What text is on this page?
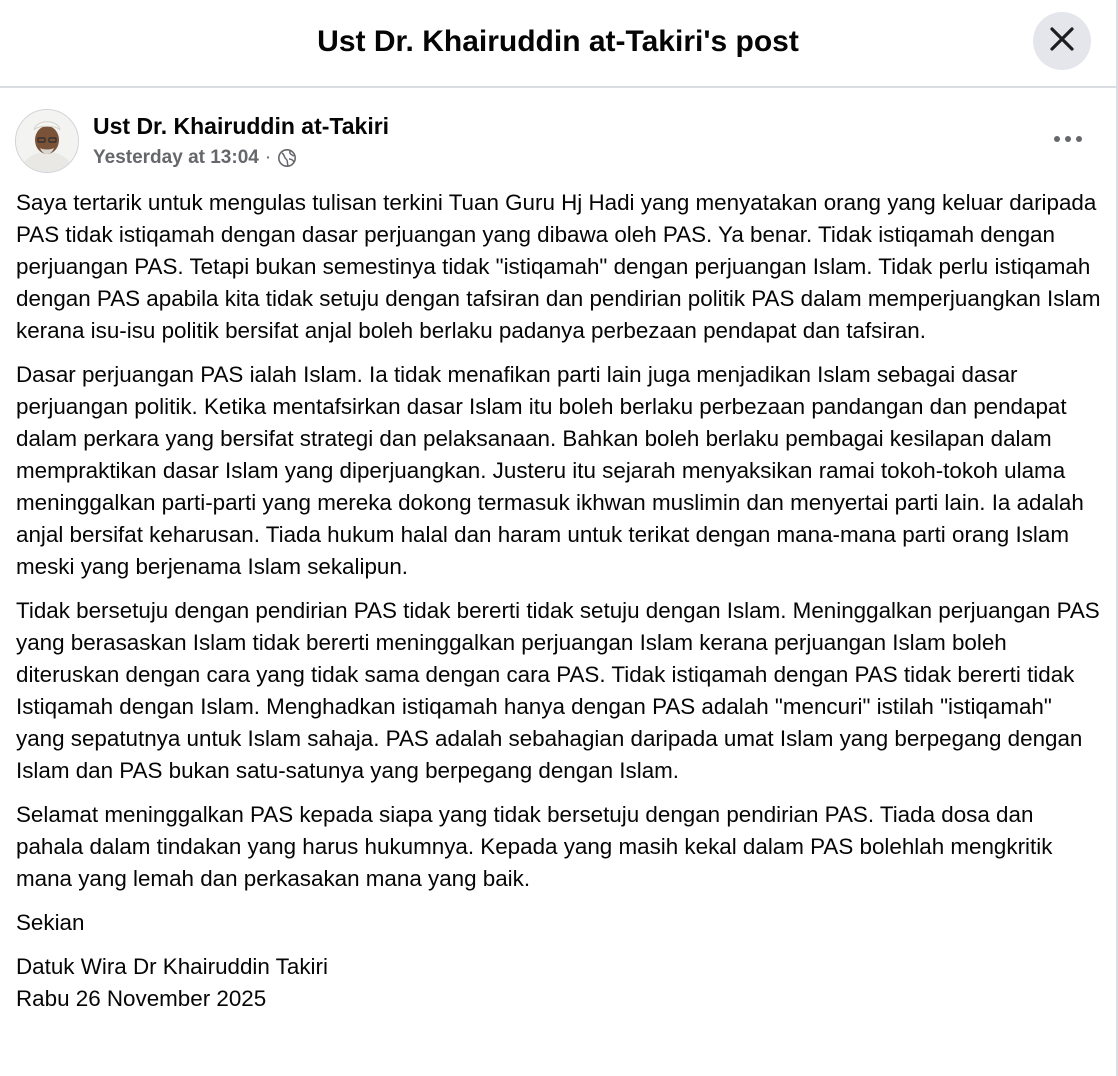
Ust Dr. Khairuddin at-Takiri's post
Ust Dr. Khairuddin at-Takiri
Yesterday at 13:04 ·

Saya tertarik untuk mengulas tulisan terkini Tuan Guru Hj Hadi yang menyatakan orang yang keluar daripada PAS tidak istiqamah dengan dasar perjuangan yang dibawa oleh PAS. Ya benar. Tidak istiqamah dengan perjuangan PAS. Tetapi bukan semestinya tidak "istiqamah" dengan perjuangan Islam. Tidak perlu istiqamah dengan PAS apabila kita tidak setuju dengan tafsiran dan pendirian politik PAS dalam memperjuangkan Islam kerana isu-isu politik bersifat anjal boleh berlaku padanya perbezaan pendapat dan tafsiran.

Dasar perjuangan PAS ialah Islam. Ia tidak menafikan parti lain juga menjadikan Islam sebagai dasar perjuangan politik. Ketika mentafsirkan dasar Islam itu boleh berlaku perbezaan pandangan dan pendapat dalam perkara yang bersifat strategi dan pelaksanaan. Bahkan boleh berlaku pembagai kesilapan dalam mempraktikan dasar Islam yang diperjuangkan. Justeru itu sejarah menyaksikan ramai tokoh-tokoh ulama meninggalkan parti-parti yang mereka dokong termasuk ikhwan muslimin dan menyertai parti lain. Ia adalah anjal bersifat keharusan. Tiada hukum halal dan haram untuk terikat dengan mana-mana parti orang Islam meski yang berjenama Islam sekalipun.

Tidak bersetuju dengan pendirian PAS tidak bererti tidak setuju dengan Islam. Meninggalkan perjuangan PAS yang berasaskan Islam tidak bererti meninggalkan perjuangan Islam kerana perjuangan Islam boleh diteruskan dengan cara yang tidak sama dengan cara PAS. Tidak istiqamah dengan PAS tidak bererti tidak Istiqamah dengan Islam. Menghadkan istiqamah hanya dengan PAS adalah "mencuri" istilah "istiqamah" yang sepatutnya untuk Islam sahaja. PAS adalah sebahagian daripada umat Islam yang berpegang dengan Islam dan PAS bukan satu-satunya yang berpegang dengan Islam.

Selamat meninggalkan PAS kepada siapa yang tidak bersetuju dengan pendirian PAS. Tiada dosa dan pahala dalam tindakan yang harus hukumnya. Kepada yang masih kekal dalam PAS bolehlah mengkritik mana yang lemah dan perkasakan mana yang baik.

Sekian

Datuk Wira Dr Khairuddin Takiri
Rabu 26 November 2025
